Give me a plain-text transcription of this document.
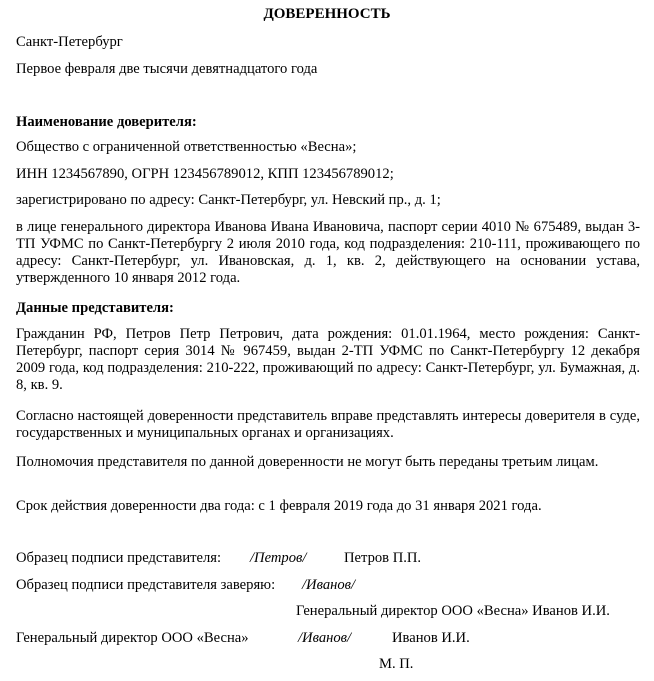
ДОВЕРЕННОСТЬ
Санкт-Петербург
Первое февраля две тысячи девятнадцатого года
Наименование доверителя:
Общество с ограниченной ответственностью «Весна»;
ИНН 1234567890, ОГРН 123456789012, КПП 123456789012;
зарегистрировано по адресу: Санкт-Петербург, ул. Невский пр., д. 1;
в лице генерального директора Иванова Ивана Ивановича, паспорт серии 4010 № 675489, выдан 3-ТП УФМС по Санкт-Петербургу 2 июля 2010 года, код подразделения: 210-111, проживающего по адресу: Санкт-Петербург, ул. Ивановская, д. 1, кв. 2, действующего на основании устава, утвержденного 10 января 2012 года.
Данные представителя:
Гражданин РФ, Петров Петр Петрович, дата рождения: 01.01.1964, место рождения: Санкт-Петербург, паспорт серия 3014 № 967459, выдан 2-ТП УФМС по Санкт-Петербургу 12 декабря 2009 года, код подразделения: 210-222, проживающий по адресу: Санкт-Петербург, ул. Бумажная, д. 8, кв. 9.
Согласно настоящей доверенности представитель вправе представлять интересы доверителя в суде, государственных и муниципальных органах и организациях.
Полномочия представителя по данной доверенности не могут быть переданы третьим лицам.
Срок действия доверенности два года: с 1 февраля 2019 года до 31 января 2021 года.
Образец подписи представителя: /Петров/	Петров П.П.
Образец подписи представителя заверяю: /Иванов/
Генеральный директор ООО «Весна» Иванов И.И.
Генеральный директор ООО «Весна»	/Иванов/	Иванов И.И.
М. П.
